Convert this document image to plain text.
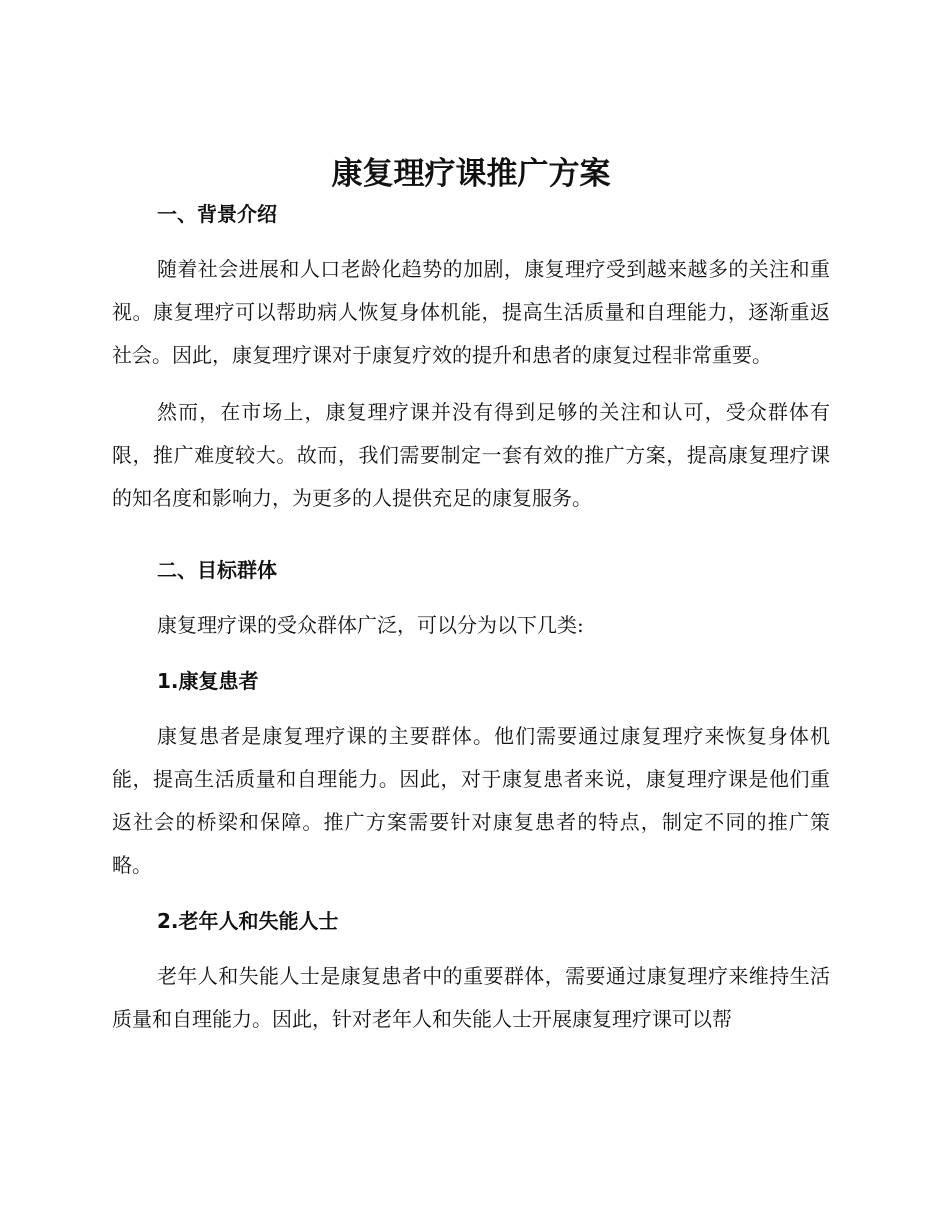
康复理疗课推广方案
一、背景介绍

随着社会进展和人口老龄化趋势的加剧，康复理疗受到越来越多的关注和重视。康复理疗可以帮助病人恢复身体机能，提高生活质量和自理能力，逐渐重返社会。因此，康复理疗课对于康复疗效的提升和患者的康复过程非常重要。

然而，在市场上，康复理疗课并没有得到足够的关注和认可，受众群体有限，推广难度较大。故而，我们需要制定一套有效的推广方案，提高康复理疗课的知名度和影响力，为更多的人提供充足的康复服务。

二、目标群体

康复理疗课的受众群体广泛，可以分为以下几类:

1.康复患者

康复患者是康复理疗课的主要群体。他们需要通过康复理疗来恢复身体机能，提高生活质量和自理能力。因此，对于康复患者来说，康复理疗课是他们重返社会的桥梁和保障。推广方案需要针对康复患者的特点，制定不同的推广策略。

2.老年人和失能人士

老年人和失能人士是康复患者中的重要群体，需要通过康复理疗来维持生活质量和自理能力。因此，针对老年人和失能人士开展康复理疗课可以帮
